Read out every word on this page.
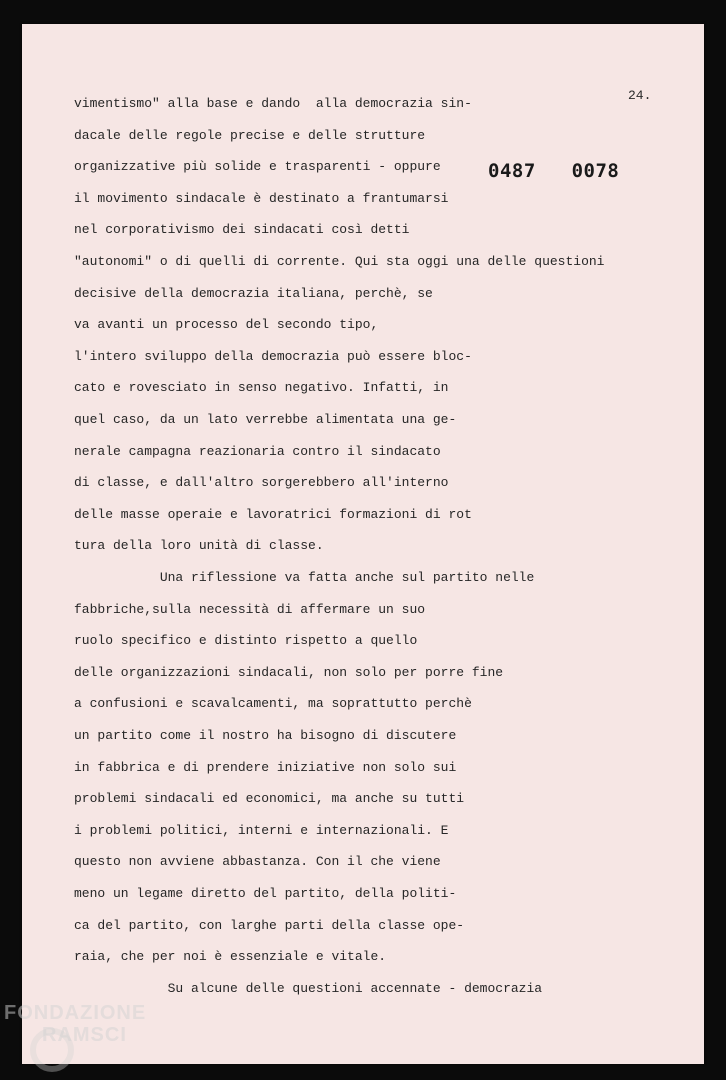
24.
0487   0078
vimentismo" alla base e dando  alla democrazia sin-
dacale delle regole precise e delle strutture
organizzative più solide e trasparenti - oppure
il movimento sindacale è destinato a frantumarsi
nel corporativismo dei sindacati così detti
"autonomi" o di quelli di corrente. Qui sta oggi una delle questioni
decisive della democrazia italiana, perchè, se
va avanti un processo del secondo tipo,
l'intero sviluppo della democrazia può essere bloc-
cato e rovesciato in senso negativo. Infatti, in
quel caso, da un lato verrebbe alimentata una ge-
nerale campagna reazionaria contro il sindacato
di classe, e dall'altro sorgerebbero all'interno
delle masse operaie e lavoratrici formazioni di rot
tura della loro unità di classe.
Una riflessione va fatta anche sul partito nelle
fabbriche,sulla necessità di affermare un suo
ruolo specifico e distinto rispetto a quello
delle organizzazioni sindacali, non solo per porre fine
a confusioni e scavalcamenti, ma soprattutto perchè
un partito come il nostro ha bisogno di discutere
in fabbrica e di prendere iniziative non solo sui
problemi sindacali ed economici, ma anche su tutti
i problemi politici, interni e internazionali. E
questo non avviene abbastanza. Con il che viene
meno un legame diretto del partito, della politi-
ca del partito, con larghe parti della classe ope-
raia, che per noi è essenziale e vitale.
Su alcune delle questioni accennate - democrazia
FONDAZIONE
RAMSCI
